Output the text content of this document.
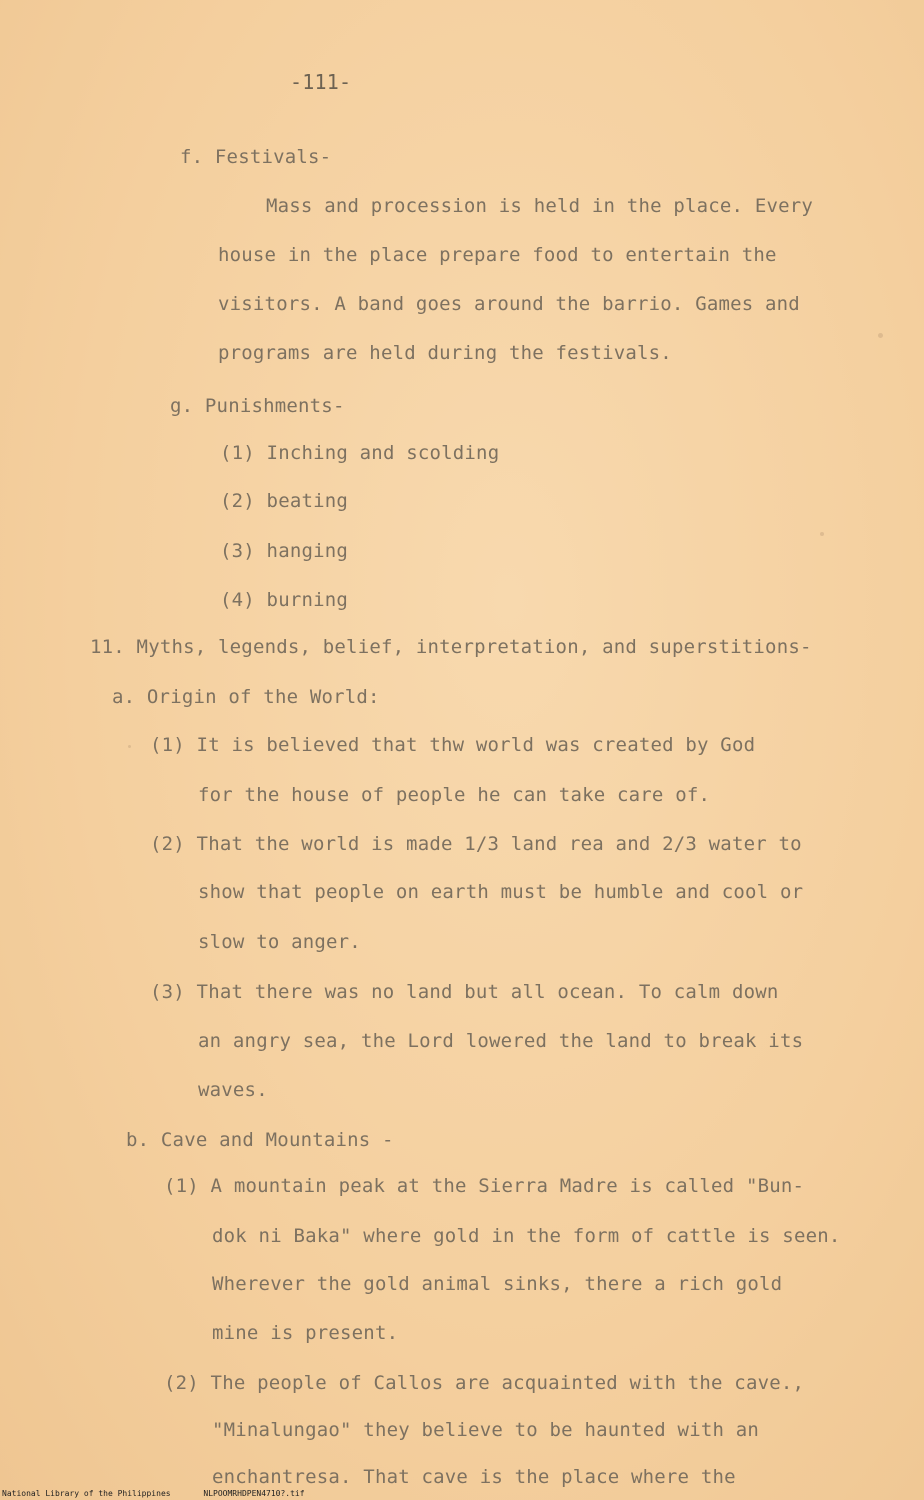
-111-
f. Festivals-
Mass and procession is held in the place. Every
house in the place prepare food to entertain the
visitors. A band goes around the barrio. Games and
programs are held during the festivals.
g. Punishments-
(1) Inching and scolding
(2) beating
(3) hanging
(4) burning
11. Myths, legends, belief, interpretation, and superstitions-
a. Origin of the World:
(1) It is believed that thw world was created by God
for the house of people he can take care of.
(2) That the world is made 1/3 land rea and 2/3 water to
show that people on earth must be humble and cool or
slow to anger.
(3) That there was no land but all ocean. To calm down
an angry sea, the Lord lowered the land to break its
waves.
b. Cave and Mountains -
(1) A mountain peak at the Sierra Madre is called "Bun-
dok ni Baka" where gold in the form of cattle is seen.
Wherever the gold animal sinks, there a rich gold
mine is present.
(2) The people of Callos are acquainted with the cave.,
"Minalungao" they believe to be haunted with an
enchantresa. That cave is the place where the
National Library of the Philippines	NLPOOMRHDPEN4710?.tif
